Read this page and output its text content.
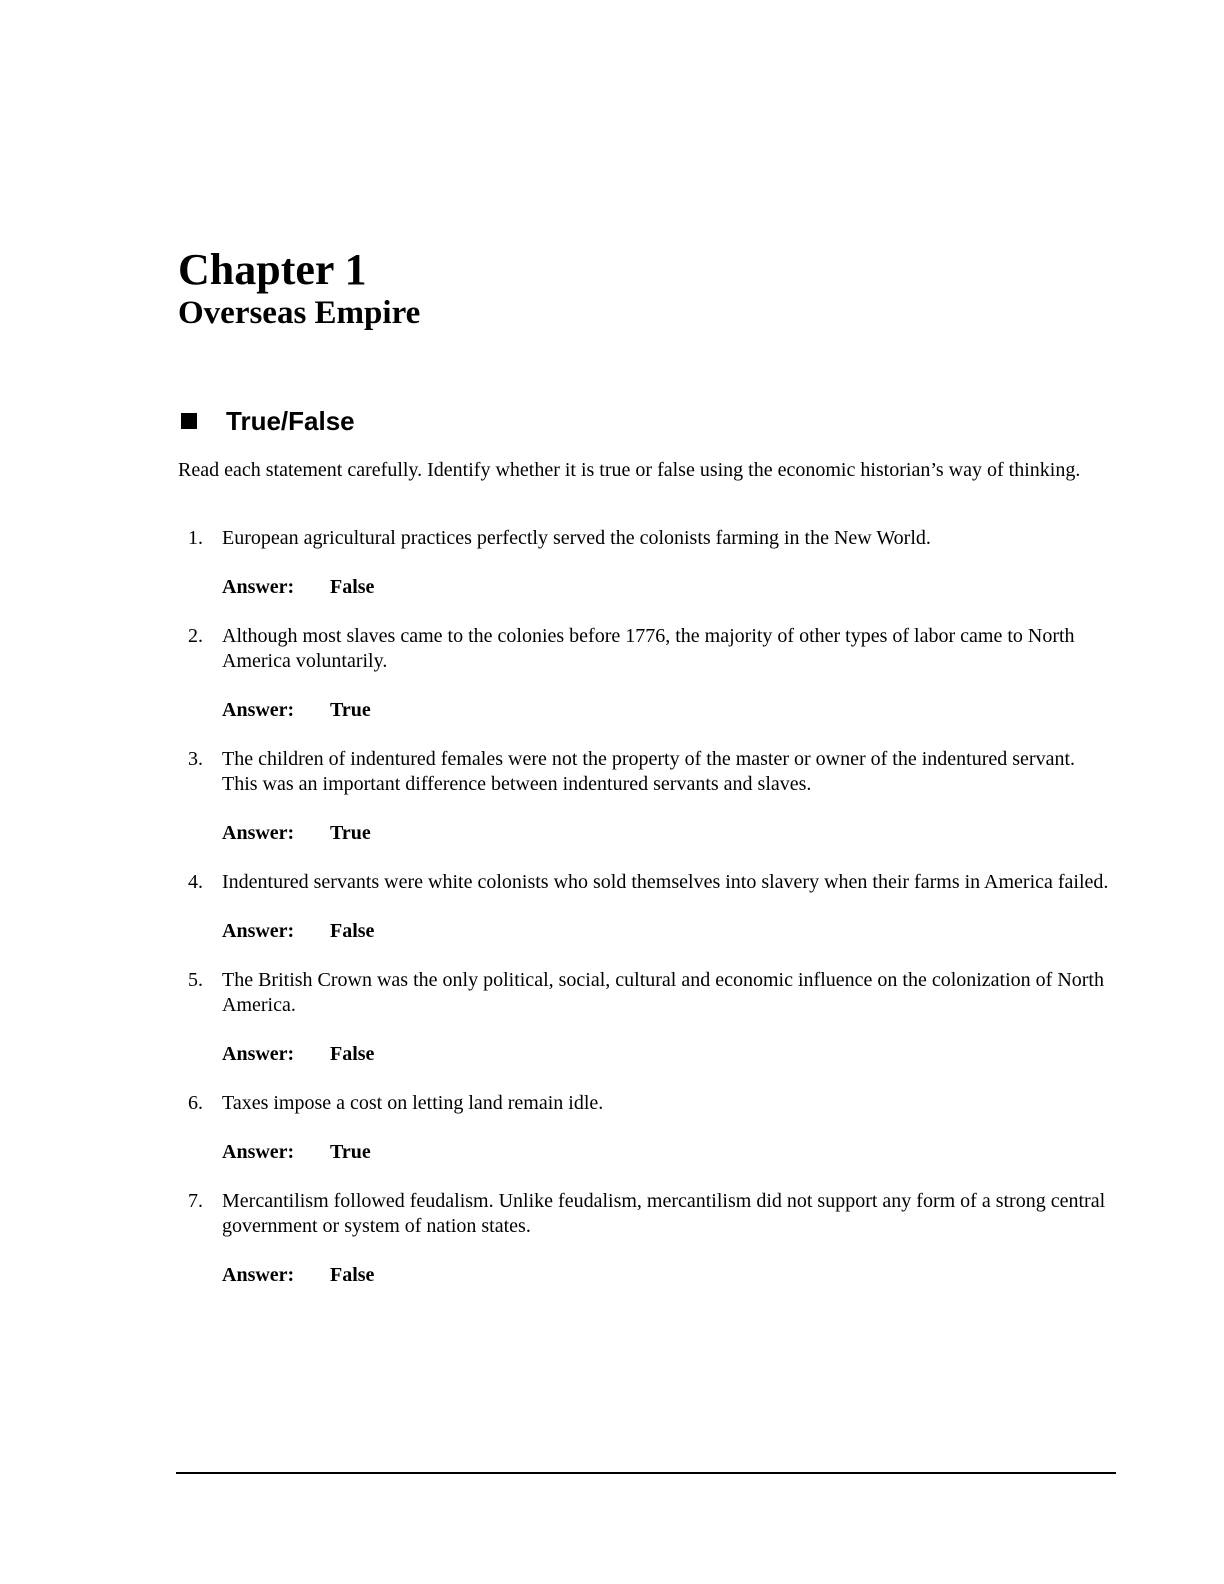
Chapter 1
Overseas Empire
True/False

Read each statement carefully. Identify whether it is true or false using the economic historian’s way of thinking.

1. European agricultural practices perfectly served the colonists farming in the New World.
Answer:	False
2. Although most slaves came to the colonies before 1776, the majority of other types of labor came to North America voluntarily.
Answer:	True
3. The children of indentured females were not the property of the master or owner of the indentured servant. This was an important difference between indentured servants and slaves.
Answer:	True
4. Indentured servants were white colonists who sold themselves into slavery when their farms in America failed.
Answer:	False
5. The British Crown was the only political, social, cultural and economic influence on the colonization of North America.
Answer:	False
6. Taxes impose a cost on letting land remain idle.
Answer:	True
7. Mercantilism followed feudalism. Unlike feudalism, mercantilism did not support any form of a strong central government or system of nation states.
Answer:	False
